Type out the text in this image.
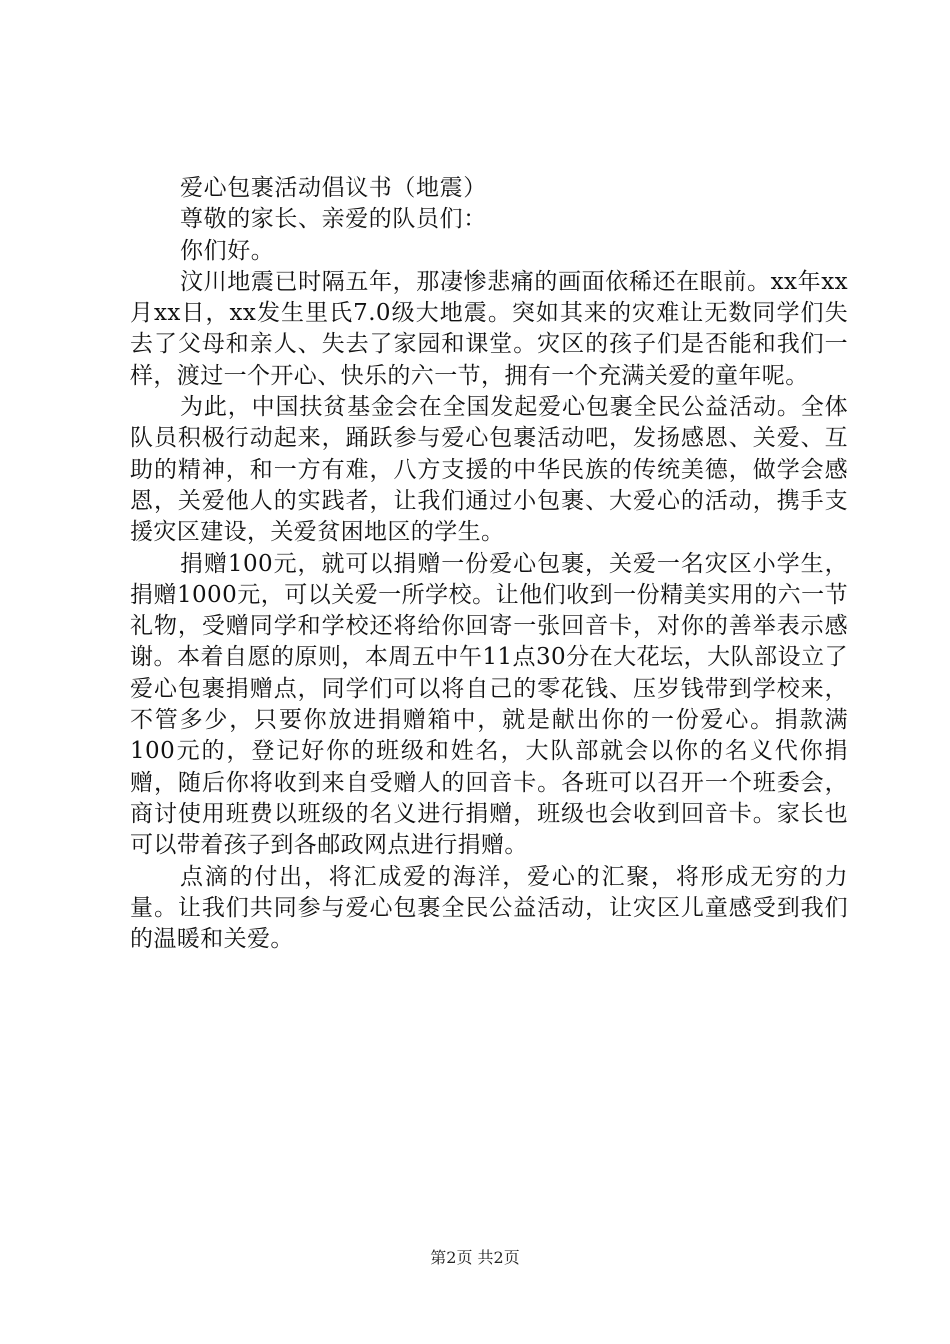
爱心包裹活动倡议书（地震）
尊敬的家长、亲爱的队员们：
你们好。

汶川地震已时隔五年，那凄惨悲痛的画面依稀还在眼前。xx年xx月xx日，xx发生里氏7.0级大地震。突如其来的灾难让无数同学们失去了父母和亲人、失去了家园和课堂。灾区的孩子们是否能和我们一样，渡过一个开心、快乐的六一节，拥有一个充满关爱的童年呢。

为此，中国扶贫基金会在全国发起爱心包裹全民公益活动。全体队员积极行动起来，踊跃参与爱心包裹活动吧，发扬感恩、关爱、互助的精神，和一方有难，八方支援的中华民族的传统美德，做学会感恩，关爱他人的实践者，让我们通过小包裹、大爱心的活动，携手支援灾区建设，关爱贫困地区的学生。

捐赠100元，就可以捐赠一份爱心包裹，关爱一名灾区小学生，捐赠1000元，可以关爱一所学校。让他们收到一份精美实用的六一节礼物，受赠同学和学校还将给你回寄一张回音卡，对你的善举表示感谢。本着自愿的原则，本周五中午11点30分在大花坛，大队部设立了爱心包裹捐赠点，同学们可以将自己的零花钱、压岁钱带到学校来，不管多少，只要你放进捐赠箱中，就是献出你的一份爱心。捐款满100元的，登记好你的班级和姓名，大队部就会以你的名义代你捐赠，随后你将收到来自受赠人的回音卡。各班可以召开一个班委会，商讨使用班费以班级的名义进行捐赠，班级也会收到回音卡。家长也可以带着孩子到各邮政网点进行捐赠。

点滴的付出，将汇成爱的海洋，爱心的汇聚，将形成无穷的力量。让我们共同参与爱心包裹全民公益活动，让灾区儿童感受到我们的温暖和关爱。

第2页 共2页
